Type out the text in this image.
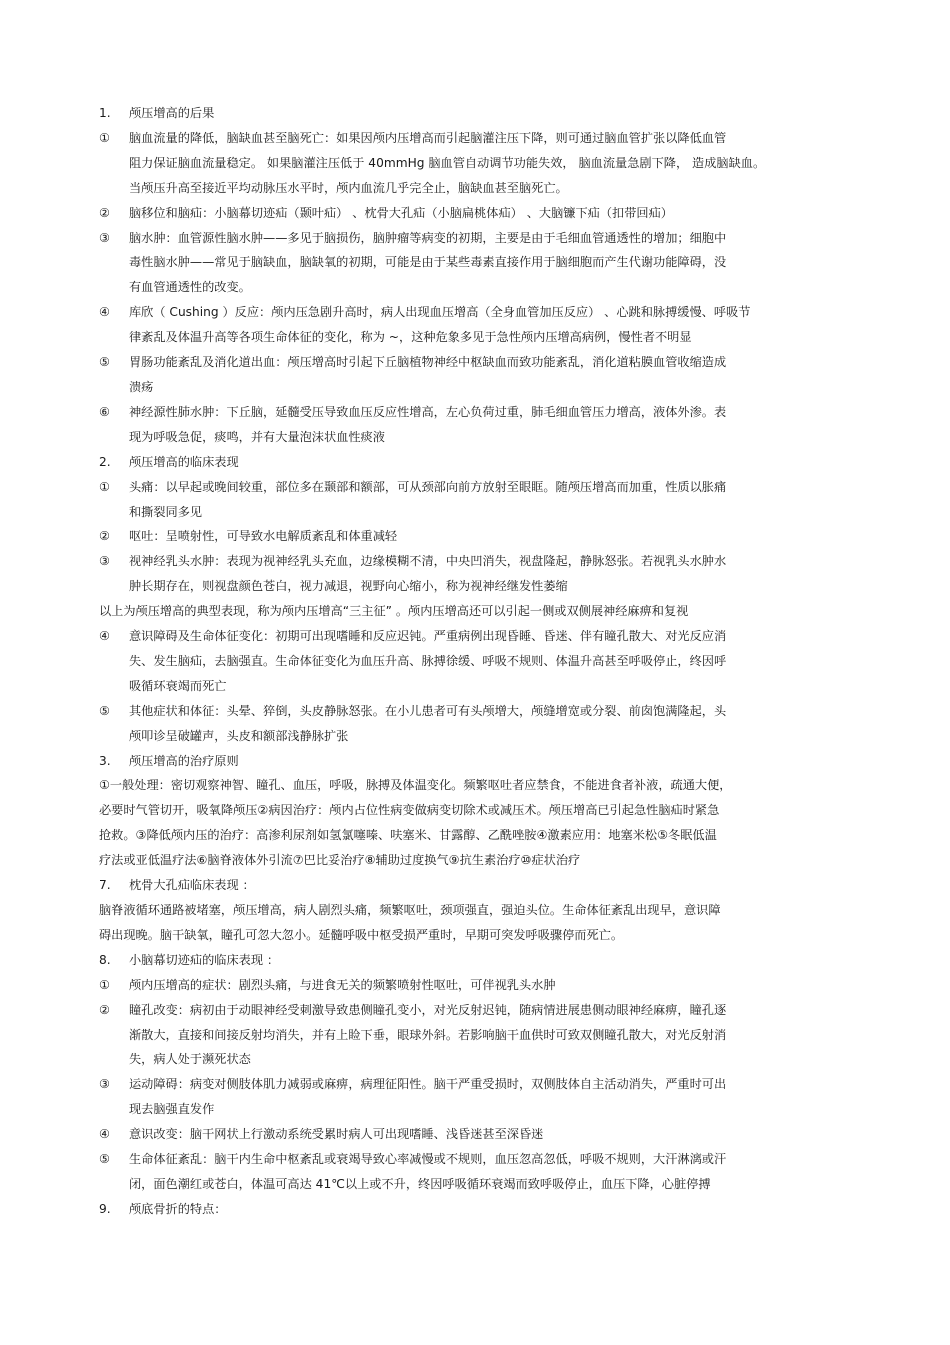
1.	颅压增高的后果
①	脑血流量的降低，脑缺血甚至脑死亡：如果因颅内压增高而引起脑灌注压下降，则可通过脑血管扩张以降低血管
阻力保证脑血流量稳定。 如果脑灌注压低于 40mmHg 脑血管自动调节功能失效， 脑血流量急剧下降， 造成脑缺血。
当颅压升高至接近平均动脉压水平时，颅内血流几乎完全止，脑缺血甚至脑死亡。
②	脑移位和脑疝：小脑幕切迹疝（颞叶疝） 、枕骨大孔疝（小脑扁桃体疝） 、大脑镰下疝（扣带回疝）
③	脑水肿：血管源性脑水肿——多见于脑损伤，脑肿瘤等病变的初期，主要是由于毛细血管通透性的增加；细胞中
毒性脑水肿——常见于脑缺血，脑缺氧的初期，可能是由于某些毒素直接作用于脑细胞而产生代谢功能障碍，没
有血管通透性的改变。
④	库欣（ Cushing ）反应：颅内压急剧升高时，病人出现血压增高（全身血管加压反应） 、心跳和脉搏缓慢、呼吸节
律紊乱及体温升高等各项生命体征的变化，称为 ~，这种危象多见于急性颅内压增高病例，慢性者不明显
⑤	胃肠功能紊乱及消化道出血：颅压增高时引起下丘脑植物神经中枢缺血而致功能紊乱，消化道粘膜血管收缩造成
溃疡
⑥	神经源性肺水肿：下丘脑，延髓受压导致血压反应性增高，左心负荷过重，肺毛细血管压力增高，液体外渗。表
现为呼吸急促，痰鸣，并有大量泡沫状血性痰液
2.	颅压增高的临床表现
①	头痛：以早起或晚间较重，部位多在颞部和额部，可从颈部向前方放射至眼眶。随颅压增高而加重，性质以胀痛
和撕裂同多见
②	呕吐：呈喷射性，可导致水电解质紊乱和体重减轻
③	视神经乳头水肿：表现为视神经乳头充血，边缘模糊不清，中央凹消失，视盘隆起，静脉怒张。若视乳头水肿水
肿长期存在，则视盘颜色苍白，视力减退，视野向心缩小，称为视神经继发性萎缩
以上为颅压增高的典型表现，称为颅内压增高“三主征” 。颅内压增高还可以引起一侧或双侧展神经麻痹和复视
④	意识障碍及生命体征变化：初期可出现嗜睡和反应迟钝。严重病例出现昏睡、昏迷、伴有瞳孔散大、对光反应消
失、发生脑疝，去脑强直。生命体征变化为血压升高、脉搏徐缓、呼吸不规则、体温升高甚至呼吸停止，终因呼
吸循环衰竭而死亡
⑤	其他症状和体征：头晕、猝倒，头皮静脉怒张。在小儿患者可有头颅增大，颅缝增宽或分裂、前囱饱满隆起，头
颅叩诊呈破罐声，头皮和额部浅静脉扩张
3.	颅压增高的治疗原则
①一般处理：密切观察神智、瞳孔、血压，呼吸，脉搏及体温变化。频繁呕吐者应禁食，不能进食者补液，疏通大便，
必要时气管切开，吸氧降颅压②病因治疗：颅内占位性病变做病变切除术或减压术。颅压增高已引起急性脑疝时紧急
抢救。③降低颅内压的治疗：高渗利尿剂如氢氯噻嗪、呋塞米、甘露醇、乙酰唑胺④激素应用：地塞米松⑤冬眠低温
疗法或亚低温疗法⑥脑脊液体外引流⑦巴比妥治疗⑧辅助过度换气⑨抗生素治疗⑩症状治疗
7.	枕骨大孔疝临床表现 ：
脑脊液循环通路被堵塞，颅压增高，病人剧烈头痛，频繁呕吐，颈项强直，强迫头位。生命体征紊乱出现早，意识障
碍出现晚。脑干缺氧，瞳孔可忽大忽小。延髓呼吸中枢受损严重时，早期可突发呼吸骤停而死亡。
8.	小脑幕切迹疝的临床表现 ：
①	颅内压增高的症状：剧烈头痛，与进食无关的频繁喷射性呕吐，可伴视乳头水肿
②	瞳孔改变：病初由于动眼神经受刺激导致患侧瞳孔变小，对光反射迟钝，随病情进展患侧动眼神经麻痹，瞳孔逐
渐散大，直接和间接反射均消失，并有上睑下垂，眼球外斜。若影响脑干血供时可致双侧瞳孔散大，对光反射消
失，病人处于濒死状态
③	运动障碍：病变对侧肢体肌力减弱或麻痹，病理征阳性。脑干严重受损时，双侧肢体自主活动消失，严重时可出
现去脑强直发作
④	意识改变：脑干网状上行激动系统受累时病人可出现嗜睡、浅昏迷甚至深昏迷
⑤	生命体征紊乱：脑干内生命中枢紊乱或衰竭导致心率减慢或不规则，血压忽高忽低，呼吸不规则，大汗淋漓或汗
闭，面色潮红或苍白，体温可高达 41℃以上或不升，终因呼吸循环衰竭而致呼吸停止，血压下降，心脏停搏
9.	颅底骨折的特点：
